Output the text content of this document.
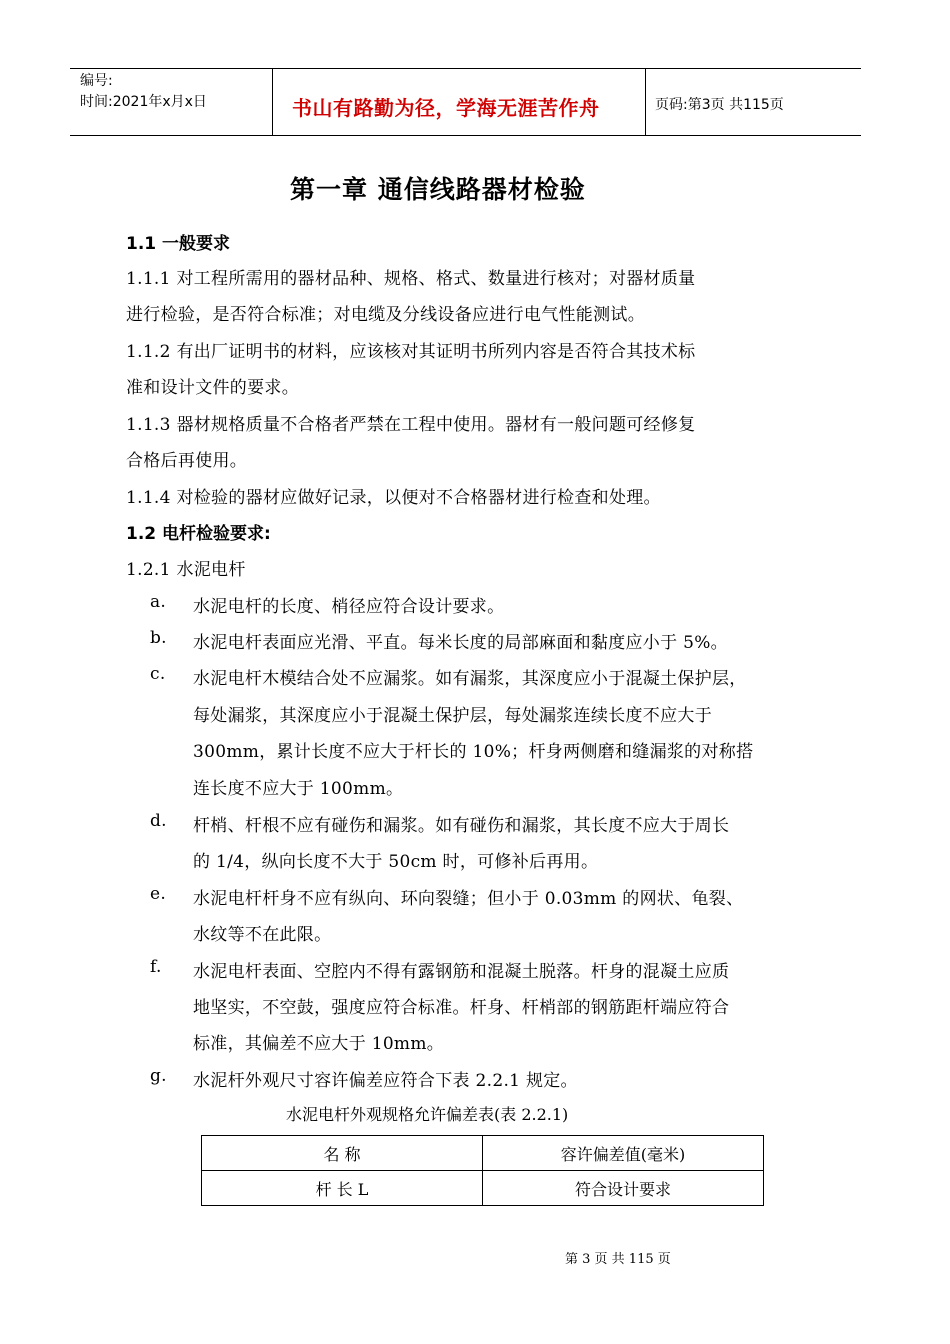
编号:
时间:2021年x月x日	书山有路勤为径，学海无涯苦作舟	页码:第3页 共115页
第一章 通信线路器材检验
1.1 一般要求
1.1.1 对工程所需用的器材品种、规格、格式、数量进行核对；对器材质量
进行检验，是否符合标准；对电缆及分线设备应进行电气性能测试。
1.1.2 有出厂证明书的材料，应该核对其证明书所列内容是否符合其技术标
准和设计文件的要求。
1.1.3 器材规格质量不合格者严禁在工程中使用。器材有一般问题可经修复
合格后再使用。
1.1.4 对检验的器材应做好记录，以便对不合格器材进行检查和处理。
1.2 电杆检验要求:
1.2.1 水泥电杆
a. 水泥电杆的长度、梢径应符合设计要求。
b. 水泥电杆表面应光滑、平直。每米长度的局部麻面和黏度应小于 5%。
c. 水泥电杆木模结合处不应漏浆。如有漏浆，其深度应小于混凝土保护层，
每处漏浆，其深度应小于混凝土保护层，每处漏浆连续长度不应大于
300mm，累计长度不应大于杆长的 10%；杆身两侧磨和缝漏浆的对称搭
连长度不应大于 100mm。
d. 杆梢、杆根不应有碰伤和漏浆。如有碰伤和漏浆，其长度不应大于周长
的 1/4，纵向长度不大于 50cm 时，可修补后再用。
e. 水泥电杆杆身不应有纵向、环向裂缝；但小于 0.03mm 的网状、龟裂、
水纹等不在此限。
f. 水泥电杆表面、空腔内不得有露钢筋和混凝土脱落。杆身的混凝土应质
地坚实，不空鼓，强度应符合标准。杆身、杆梢部的钢筋距杆端应符合
标准，其偏差不应大于 10mm。
g. 水泥杆外观尺寸容许偏差应符合下表 2.2.1 规定。
水泥电杆外观规格允许偏差表(表 2.2.1)
名 称	容许偏差值(毫米)
杆 长 L	符合设计要求
第 3 页 共 115 页
